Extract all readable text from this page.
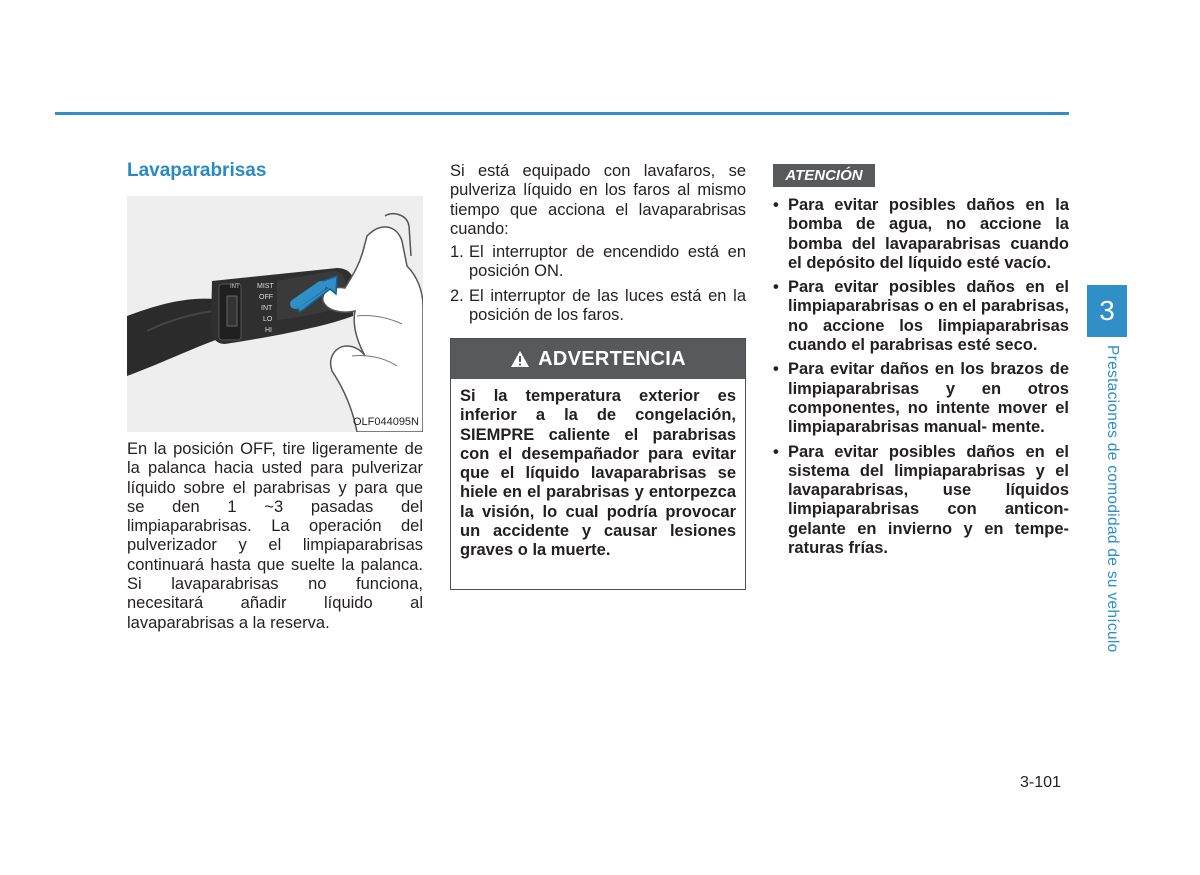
Lavaparabrisas
MIST
OFF
INT
LO
HI
INT
OLF044095N
En la posición OFF, tire ligeramente de la palanca hacia usted para pulverizar líquido sobre el parabrisas y para que se den 1 ~3 pasadas del limpiaparabrisas. La operación del pulverizador y el limpiaparabrisas continuará hasta que suelte la palanca. Si lavaparabrisas no funciona, necesitará añadir líquido al lavaparabrisas a la reserva.

Si está equipado con lavafaros, se pulveriza líquido en los faros al mismo tiempo que acciona el lavaparabrisas cuando:

1. El interruptor de encendido está en posición ON.
2. El interruptor de las luces está en la posición de los faros.
ADVERTENCIA
Si la temperatura exterior es inferior a la de congelación, SIEMPRE caliente el parabrisas con el desempañador para evitar que el líquido lavaparabrisas se hiele en el parabrisas y entorpezca la visión, lo cual podría provocar un accidente y causar lesiones graves o la muerte.
ATENCIÓN
• Para evitar posibles daños en la bomba de agua, no accione la bomba del lavaparabrisas cuando el depósito del líquido esté vacío.
• Para evitar posibles daños en el limpiaparabrisas o en el parabrisas, no accione los limpiaparabrisas cuando el parabrisas esté seco.
• Para evitar daños en los brazos de limpiaparabrisas y en otros componentes, no intente mover el limpiaparabrisas manual- mente.
• Para evitar posibles daños en el sistema del limpiaparabrisas y el lavaparabrisas, use líquidos limpiaparabrisas con anticon- gelante en invierno y en tempe- raturas frías.
3
Prestaciones de comodidad de su vehículo
3-101
